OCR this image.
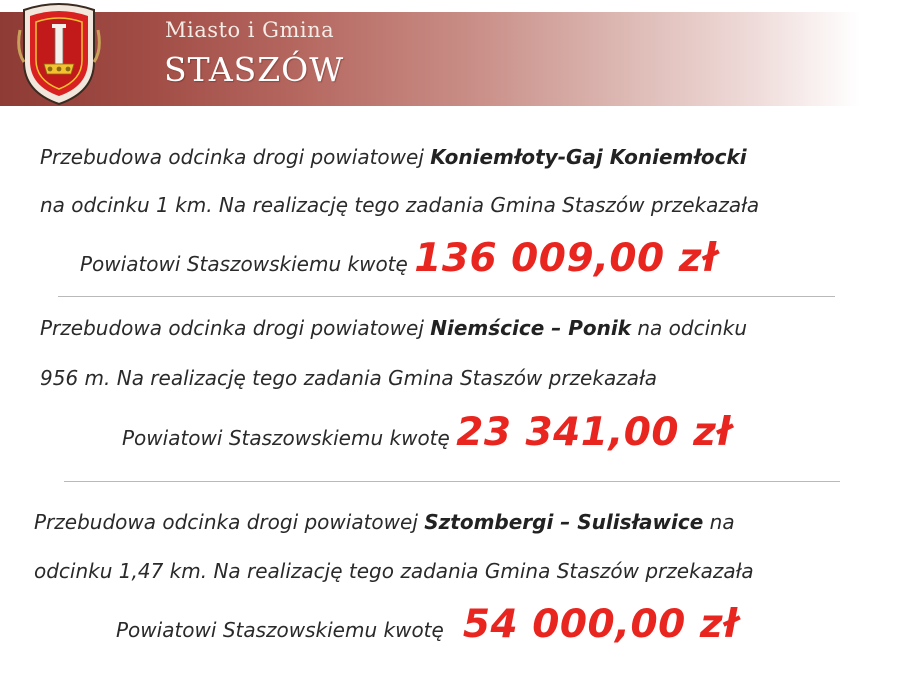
Miasto i Gmina
STASZÓW
Przebudowa odcinka drogi powiatowej Koniemłoty-Gaj Koniemłocki
na odcinku 1 km. Na realizację tego zadania Gmina Staszów przekazała
Powiatowi Staszowskiemu kwotę 136 009,00 zł
Przebudowa odcinka drogi powiatowej Niemścice – Ponik na odcinku
956 m. Na realizację tego zadania Gmina Staszów przekazała
Powiatowi Staszowskiemu kwotę 23 341,00 zł
Przebudowa odcinka drogi powiatowej Sztombergi – Sulisławice na
odcinku 1,47 km. Na realizację tego zadania Gmina Staszów przekazała
Powiatowi Staszowskiemu kwotę 54 000,00 zł
